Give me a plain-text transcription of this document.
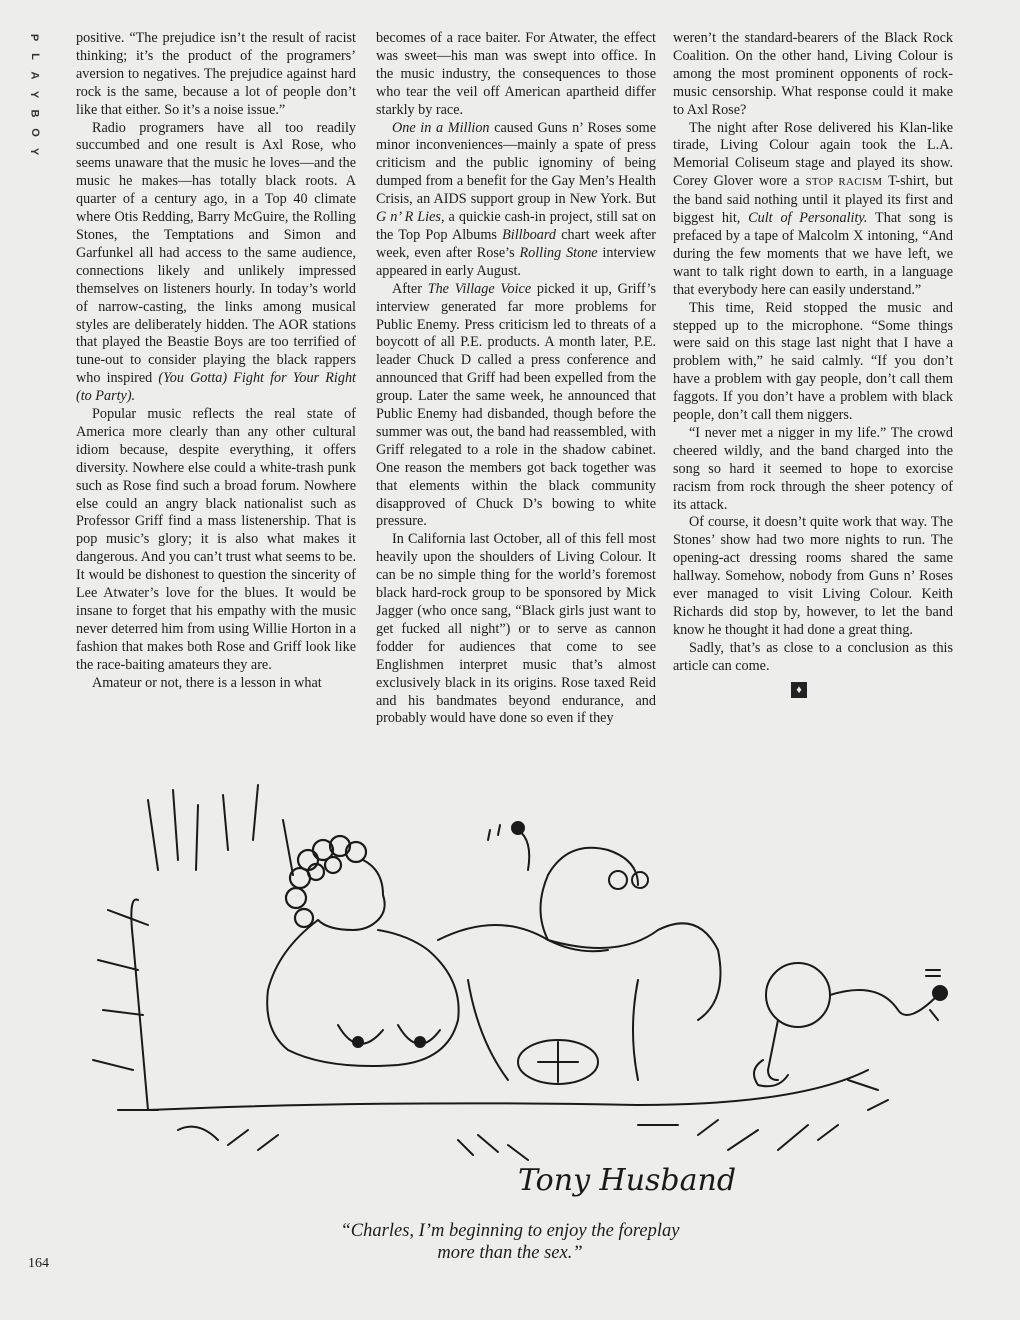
P
L
A
Y
B
O
Y

positive. “The prejudice isn’t the result of racist thinking; it’s the product of the programers’ aversion to negatives. The prejudice against hard rock is the same, because a lot of people don’t like that either. So it’s a noise issue.”

Radio programers have all too readily succumbed and one result is Axl Rose, who seems unaware that the music he loves—and the music he makes—has totally black roots. A quarter of a century ago, in a Top 40 climate where Otis Redding, Barry McGuire, the Rolling Stones, the Temptations and Simon and Garfunkel all had access to the same audience, connections likely and unlikely impressed themselves on listeners hourly. In today’s world of narrow-casting, the links among musical styles are deliberately hidden. The AOR stations that played the Beastie Boys are too terrified of tune-out to consider playing the black rappers who inspired (You Gotta) Fight for Your Right (to Party).

Popular music reflects the real state of America more clearly than any other cultural idiom because, despite everything, it offers diversity. Nowhere else could a white-trash punk such as Rose find such a broad forum. Nowhere else could an angry black nationalist such as Professor Griff find a mass listenership. That is pop music’s glory; it is also what makes it dangerous. And you can’t trust what seems to be. It would be dishonest to question the sincerity of Lee Atwater’s love for the blues. It would be insane to forget that his empathy with the music never deterred him from using Willie Horton in a fashion that makes both Rose and Griff look like the race-baiting amateurs they are.

Amateur or not, there is a lesson in what

becomes of a race baiter. For Atwater, the effect was sweet—his man was swept into office. In the music industry, the consequences to those who tear the veil off American apartheid differ starkly by race.

One in a Million caused Guns n’ Roses some minor inconveniences—mainly a spate of press criticism and the public ignominy of being dumped from a benefit for the Gay Men’s Health Crisis, an AIDS support group in New York. But G n’ R Lies, a quickie cash-in project, still sat on the Top Pop Albums Billboard chart week after week, even after Rose’s Rolling Stone interview appeared in early August.

After The Village Voice picked it up, Griff’s interview generated far more problems for Public Enemy. Press criticism led to threats of a boycott of all P.E. products. A month later, P.E. leader Chuck D called a press conference and announced that Griff had been expelled from the group. Later the same week, he announced that Public Enemy had disbanded, though before the summer was out, the band had reassembled, with Griff relegated to a role in the shadow cabinet. One reason the members got back together was that elements within the black community disapproved of Chuck D’s bowing to white pressure.

In California last October, all of this fell most heavily upon the shoulders of Living Colour. It can be no simple thing for the world’s foremost black hard-rock group to be sponsored by Mick Jagger (who once sang, “Black girls just want to get fucked all night”) or to serve as cannon fodder for audiences that come to see Englishmen interpret music that’s almost exclusively black in its origins. Rose taxed Reid and his bandmates beyond endurance, and probably would have done so even if they

weren’t the standard-bearers of the Black Rock Coalition. On the other hand, Living Colour is among the most prominent opponents of rock-music censorship. What response could it make to Axl Rose?

The night after Rose delivered his Klan-like tirade, Living Colour again took the L.A. Memorial Coliseum stage and played its show. Corey Glover wore a STOP RACISM T-shirt, but the band said nothing until it played its first and biggest hit, Cult of Personality. That song is prefaced by a tape of Malcolm X intoning, “And during the few moments that we have left, we want to talk right down to earth, in a language that everybody here can easily understand.”

This time, Reid stopped the music and stepped up to the microphone. “Some things were said on this stage last night that I have a problem with,” he said calmly. “If you don’t have a problem with gay people, don’t call them faggots. If you don’t have a problem with black people, don’t call them niggers.

“I never met a nigger in my life.” The crowd cheered wildly, and the band charged into the song so hard it seemed to hope to exorcise racism from rock through the sheer potency of its attack.

Of course, it doesn’t quite work that way. The Stones’ show had two more nights to run. The opening-act dressing rooms shared the same hallway. Somehow, nobody from Guns n’ Roses ever managed to visit Living Colour. Keith Richards did stop by, however, to let the band know he thought it had done a great thing.

Sadly, that’s as close to a conclusion as this article can come.

♦
Tony Husband
“Charles, I’m beginning to enjoy the foreplay
more than the sex.”
164
